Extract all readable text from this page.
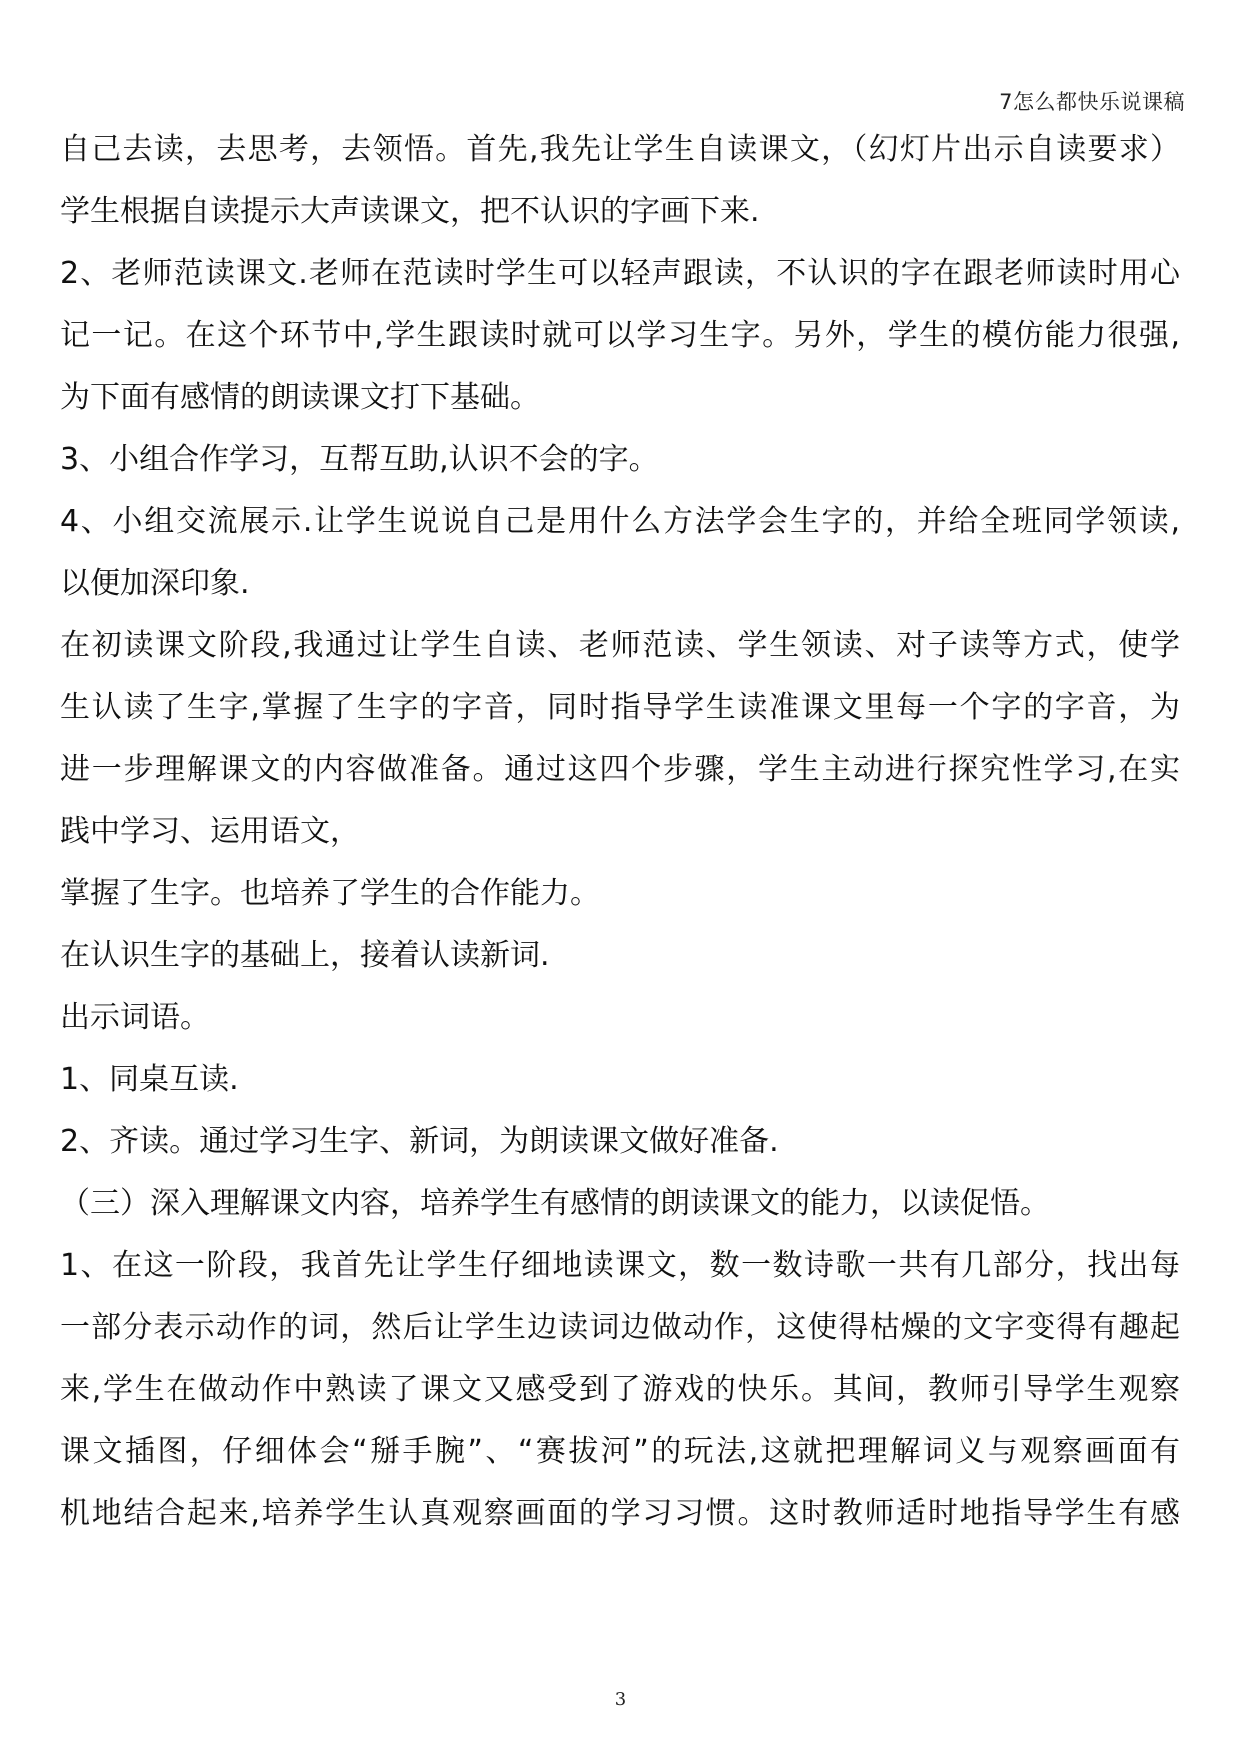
7怎么都快乐说课稿
自己去读，去思考，去领悟。首先,我先让学生自读课文，（幻灯片出示自读要求）
学生根据自读提示大声读课文，把不认识的字画下来.
2、老师范读课文.老师在范读时学生可以轻声跟读，不认识的字在跟老师读时用心
记一记。在这个环节中,学生跟读时就可以学习生字。另外，学生的模仿能力很强,
为下面有感情的朗读课文打下基础。
3、小组合作学习，互帮互助,认识不会的字。
4、小组交流展示.让学生说说自己是用什么方法学会生字的，并给全班同学领读,
以便加深印象.
在初读课文阶段,我通过让学生自读、老师范读、学生领读、对子读等方式，使学
生认读了生字,掌握了生字的字音，同时指导学生读准课文里每一个字的字音，为
进一步理解课文的内容做准备。通过这四个步骤，学生主动进行探究性学习,在实
践中学习、运用语文，
掌握了生字。也培养了学生的合作能力。
在认识生字的基础上，接着认读新词.
出示词语。
1、同桌互读.
2、齐读。通过学习生字、新词，为朗读课文做好准备.
（三）深入理解课文内容，培养学生有感情的朗读课文的能力，以读促悟。
1、在这一阶段，我首先让学生仔细地读课文，数一数诗歌一共有几部分，找出每
一部分表示动作的词，然后让学生边读词边做动作，这使得枯燥的文字变得有趣起
来,学生在做动作中熟读了课文又感受到了游戏的快乐。其间，教师引导学生观察
课文插图，仔细体会“掰手腕”、“赛拔河”的玩法,这就把理解词义与观察画面有
机地结合起来,培养学生认真观察画面的学习习惯。这时教师适时地指导学生有感
3
